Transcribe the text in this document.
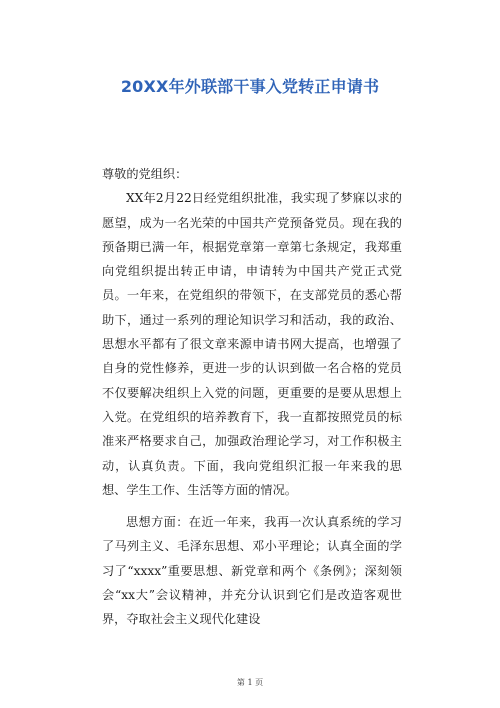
20XX年外联部干事入党转正申请书

尊敬的党组织：

XX年2月22日经党组织批准，我实现了梦寐以求的愿望，成为一名光荣的中国共产党预备党员。现在我的预备期已满一年，根据党章第一章第七条规定，我郑重向党组织提出转正申请，申请转为中国共产党正式党员。一年来，在党组织的带领下，在支部党员的悉心帮助下，通过一系列的理论知识学习和活动，我的政治、思想水平都有了很文章来源申请书网大提高，也增强了自身的党性修养，更进一步的认识到做一名合格的党员不仅要解决组织上入党的问题，更重要的是要从思想上入党。在党组织的培养教育下，我一直都按照党员的标准来严格要求自己，加强政治理论学习，对工作积极主动，认真负责。下面，我向党组织汇报一年来我的思想、学生工作、生活等方面的情况。

思想方面：在近一年来，我再一次认真系统的学习了马列主义、毛泽东思想、邓小平理论；认真全面的学习了“xxxx”重要思想、新党章和两个《条例》；深刻领会“xx大”会议精神，并充分认识到它们是改造客观世界，夺取社会主义现代化建设

第 1 页
